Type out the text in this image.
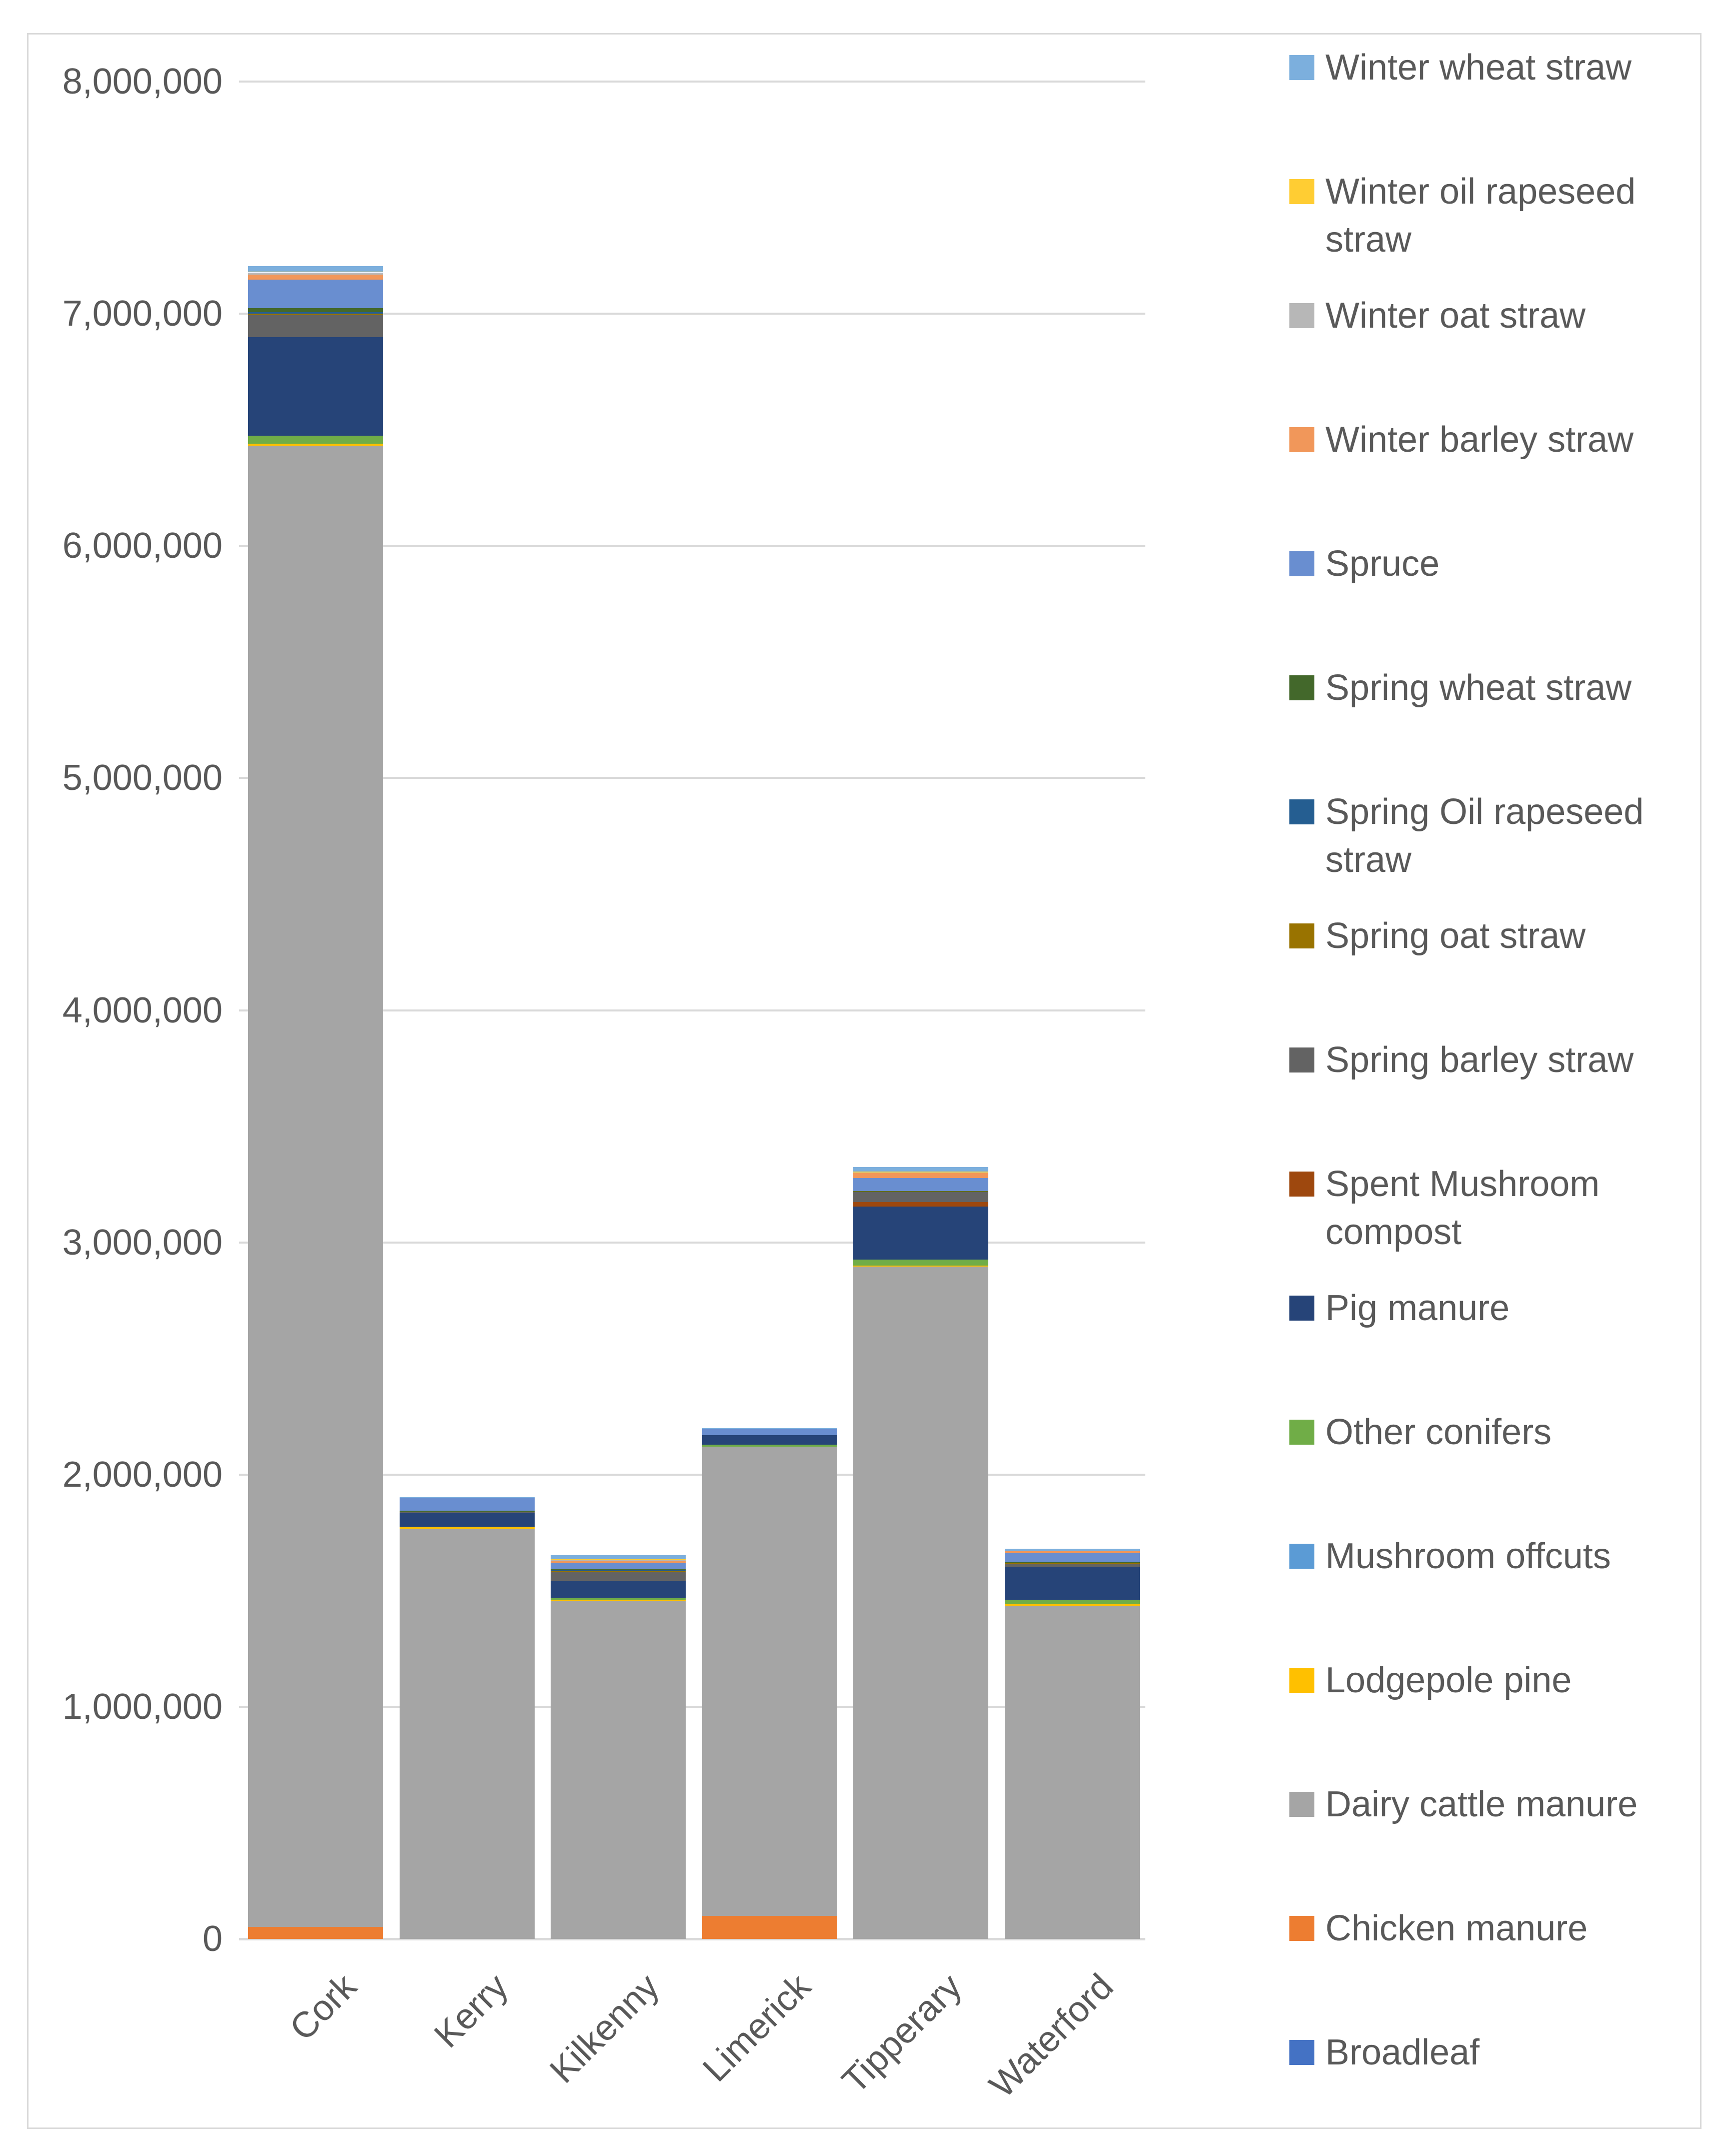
0
1,000,000
2,000,000
3,000,000
4,000,000
5,000,000
6,000,000
7,000,000
8,000,000
Cork	Kerry Kilkenny Limerick Tipperary Waterford
Winter wheat straw
Winter oil rapeseed straw
Winter oat straw
Winter barley straw
Spruce
Spring wheat straw
Spring Oil rapeseed straw
Spring oat straw
Spring barley straw
Spent Mushroom compost
Pig manure
Other conifers
Mushroom offcuts
Lodgepole pine
Dairy cattle manure
Chicken manure
Broadleaf
